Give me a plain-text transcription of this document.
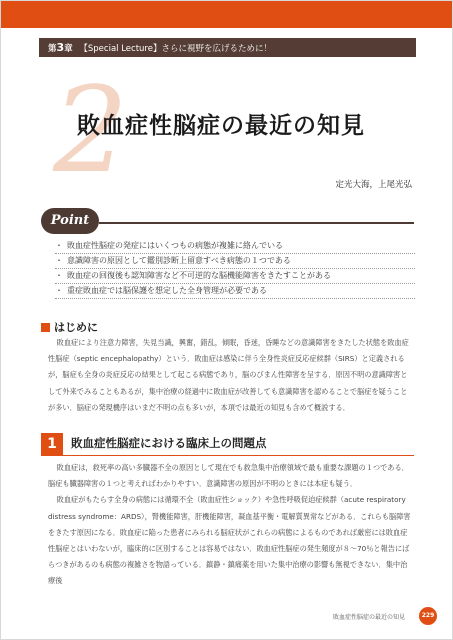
第3章 【Special Lecture】さらに視野を広げるために！
2
敗血症性脳症の最近の知見
定光大海，上尾光弘
Point
・ 敗血症性脳症の発症にはいくつもの病態が複雑に絡んでいる
・ 意識障害の原因として鑑別診断上留意すべき病態の１つである
・ 敗血症の回復後も認知障害など不可逆的な脳機能障害をきたすことがある
・ 重症敗血症では脳保護を想定した全身管理が必要である
はじめに

敗血症により注意力障害，失見当識，興奮，錯乱，傾眠，昏迷，昏睡などの意識障害をきたした状態を敗血症性脳症（septic encephalopathy）という．敗血症は感染に伴う全身性炎症反応症候群（SIRS）と定義されるが，脳症も全身の炎症反応の結果として起こる病態であり，脳のびまん性障害を呈する．原因不明の意識障害として外来でみることもあるが，集中治療の経過中に敗血症が改善しても意識障害を認めることで脳症を疑うことが多い．脳症の発現機序はいまだ不明の点も多いが，本項では最近の知見も含めて概説する．

1	敗血症性脳症における臨床上の問題点

敗血症は，救死率の高い多臓器不全の原因として現在でも救急集中治療領域で最も重要な課題の１つである．脳症も臓器障害の１つと考えればわかりやすい．意識障害の原因が不明のときには本症も疑う．

敗血症がもたらす全身の病態には循環不全（敗血症性ショック）や急性呼吸促迫症候群（acute respiratory distress syndrome：ARDS），腎機能障害，肝機能障害，凝血基平衡・電解質異常などがある．これらも脳障害をきたす原因になる．敗血症に陥った患者にみられる脳症状がこれらの病態によるものであれば厳密には敗血症性脳症とはいわないが，臨床的に区別することは容易ではない．敗血症性脳症の発生頻度が８～70％と報告にばらつきがあるのも病態の複雑さを物語っている．鎮静・鎮痛薬を用いた集中治療の影響も無視できない．集中治療後

敗血症性脳症の最近の知見	229
